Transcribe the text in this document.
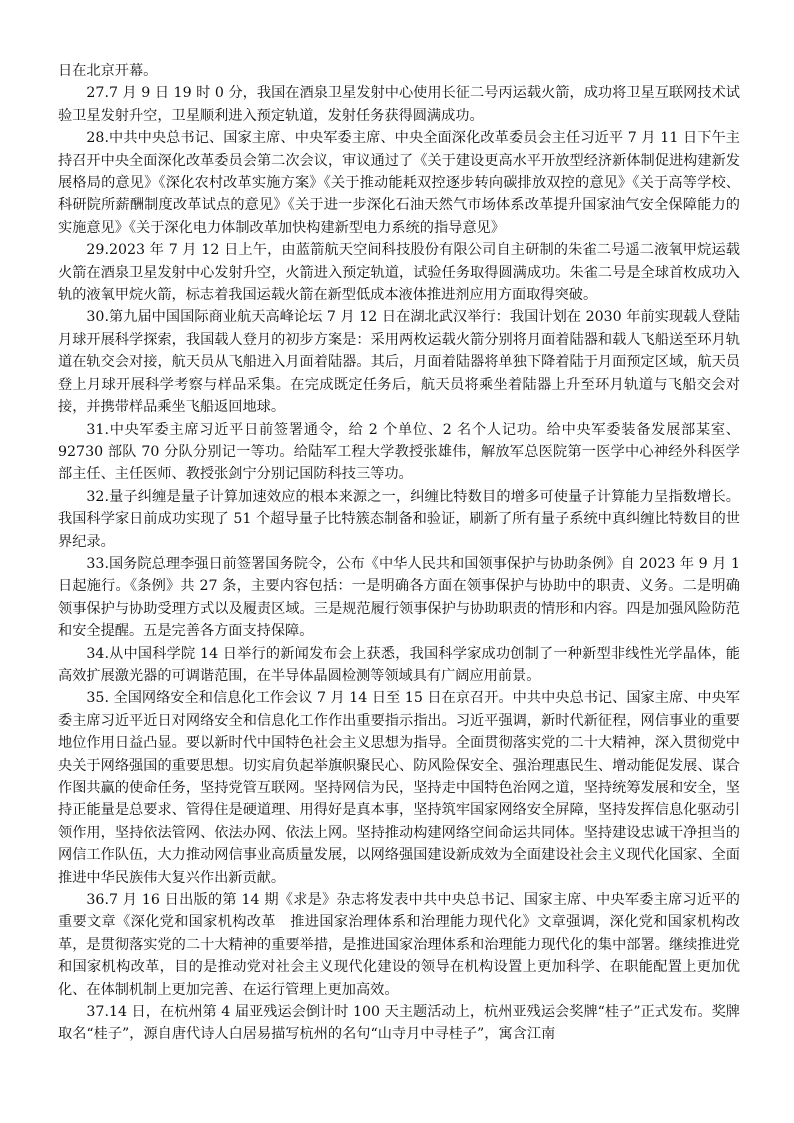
日在北京开幕。

27.7 月 9 日 19 时 0 分，我国在酒泉卫星发射中心使用长征二号丙运载火箭，成功将卫星互联网技术试验卫星发射升空，卫星顺利进入预定轨道，发射任务获得圆满成功。

28.中共中央总书记、国家主席、中央军委主席、中央全面深化改革委员会主任习近平 7 月 11 日下午主持召开中央全面深化改革委员会第二次会议，审议通过了《关于建设更高水平开放型经济新体制促进构建新发展格局的意见》《深化农村改革实施方案》《关于推动能耗双控逐步转向碳排放双控的意见》《关于高等学校、科研院所薪酬制度改革试点的意见》《关于进一步深化石油天然气市场体系改革提升国家油气安全保障能力的实施意见》《关于深化电力体制改革加快构建新型电力系统的指导意见》

29.2023 年 7 月 12 日上午，由蓝箭航天空间科技股份有限公司自主研制的朱雀二号遥二液氧甲烷运载火箭在酒泉卫星发射中心发射升空，火箭进入预定轨道，试验任务取得圆满成功。朱雀二号是全球首枚成功入轨的液氧甲烷火箭，标志着我国运载火箭在新型低成本液体推进剂应用方面取得突破。

30.第九届中国国际商业航天高峰论坛 7 月 12 日在湖北武汉举行：我国计划在 2030 年前实现载人登陆月球开展科学探索，我国载人登月的初步方案是：采用两枚运载火箭分别将月面着陆器和载人飞船送至环月轨道在轨交会对接，航天员从飞船进入月面着陆器。其后，月面着陆器将单独下降着陆于月面预定区域，航天员登上月球开展科学考察与样品采集。在完成既定任务后，航天员将乘坐着陆器上升至环月轨道与飞船交会对接，并携带样品乘坐飞船返回地球。

31.中央军委主席习近平日前签署通令，给 2 个单位、2 名个人记功。给中央军委装备发展部某室、92730 部队 70 分队分别记一等功。给陆军工程大学教授张雄伟，解放军总医院第一医学中心神经外科医学部主任、主任医师、教授张剑宁分别记国防科技三等功。

32.量子纠缠是量子计算加速效应的根本来源之一，纠缠比特数目的增多可使量子计算能力呈指数增长。我国科学家日前成功实现了 51 个超导量子比特簇态制备和验证，刷新了所有量子系统中真纠缠比特数目的世界纪录。

33.国务院总理李强日前签署国务院令，公布《中华人民共和国领事保护与协助条例》自 2023 年 9 月 1 日起施行。《条例》共 27 条，主要内容包括：一是明确各方面在领事保护与协助中的职责、义务。二是明确领事保护与协助受理方式以及履责区域。三是规范履行领事保护与协助职责的情形和内容。四是加强风险防范和安全提醒。五是完善各方面支持保障。

34.从中国科学院 14 日举行的新闻发布会上获悉，我国科学家成功创制了一种新型非线性光学晶体，能高效扩展激光器的可调谐范围，在半导体晶圆检测等领域具有广阔应用前景。

35. 全国网络安全和信息化工作会议 7 月 14 日至 15 日在京召开。中共中央总书记、国家主席、中央军委主席习近平近日对网络安全和信息化工作作出重要指示指出。习近平强调，新时代新征程，网信事业的重要地位作用日益凸显。要以新时代中国特色社会主义思想为指导。全面贯彻落实党的二十大精神，深入贯彻党中央关于网络强国的重要思想。切实肩负起举旗帜聚民心、防风险保安全、强治理惠民生、增动能促发展、谋合作图共赢的使命任务，坚持党管互联网。坚持网信为民，坚持走中国特色治网之道，坚持统筹发展和安全，坚持正能量是总要求、管得住是硬道理、用得好是真本事，坚持筑牢国家网络安全屏障，坚持发挥信息化驱动引领作用，坚持依法管网、依法办网、依法上网。坚持推动构建网络空间命运共同体。坚持建设忠诚干净担当的网信工作队伍，大力推动网信事业高质量发展，以网络强国建设新成效为全面建设社会主义现代化国家、全面推进中华民族伟大复兴作出新贡献。

36.7 月 16 日出版的第 14 期《求是》杂志将发表中共中央总书记、国家主席、中央军委主席习近平的重要文章《深化党和国家机构改革　推进国家治理体系和治理能力现代化》文章强调，深化党和国家机构改革，是贯彻落实党的二十大精神的重要举措，是推进国家治理体系和治理能力现代化的集中部署。继续推进党和国家机构改革，目的是推动党对社会主义现代化建设的领导在机构设置上更加科学、在职能配置上更加优化、在体制机制上更加完善、在运行管理上更加高效。

37.14 日，在杭州第 4 届亚残运会倒计时 100 天主题活动上，杭州亚残运会奖牌“桂子”正式发布。奖牌取名“桂子”，源自唐代诗人白居易描写杭州的名句“山寺月中寻桂子”，寓含江南
